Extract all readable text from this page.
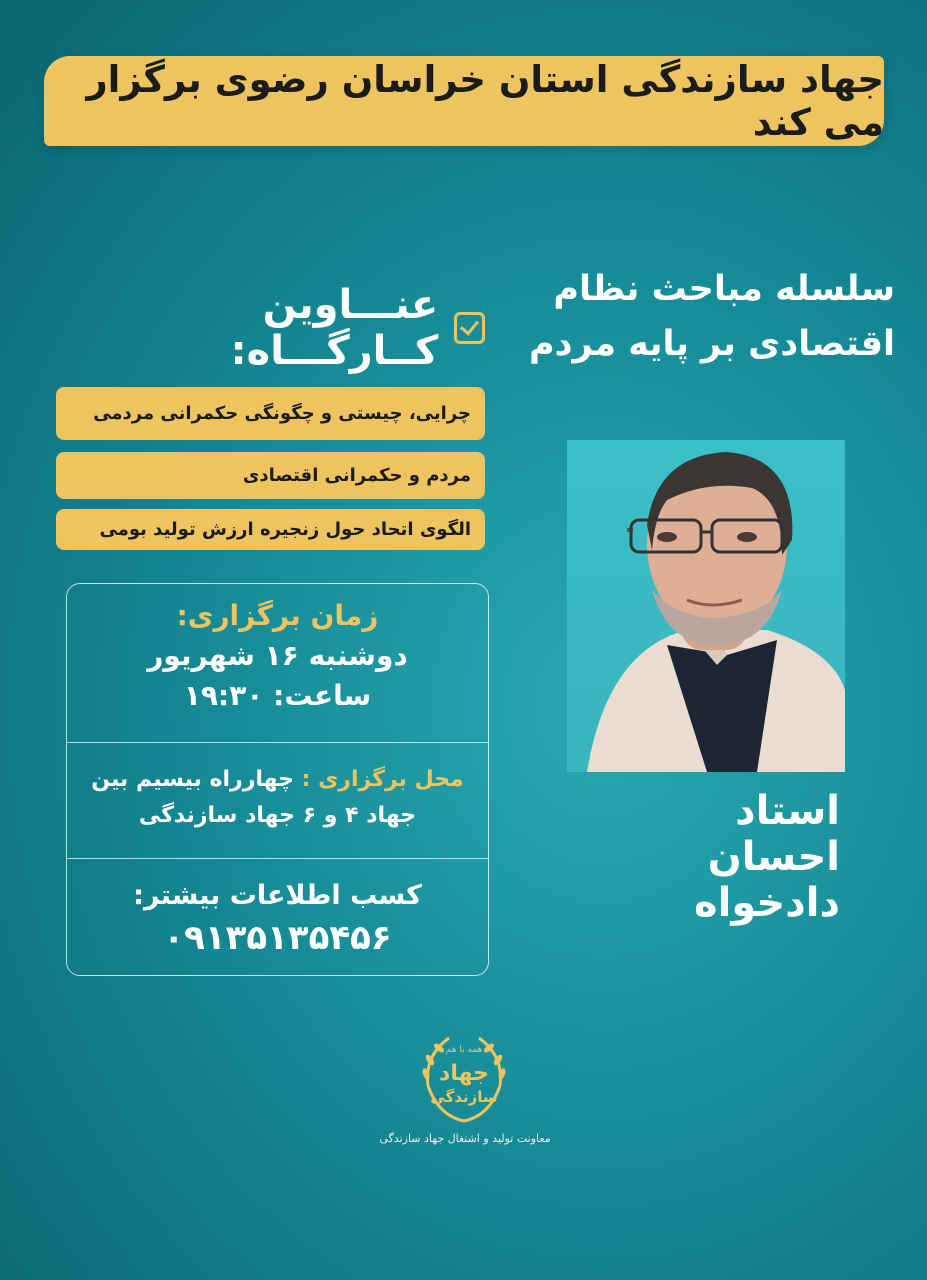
جهاد سازندگی استان خراسان رضوی برگزار می کند
سلسله مباحث نظام
اقتصادی بر پایه مردم
عنـــاوین کــارگـــاه:
چرایی، چیستی و چگونگی حکمرانی مردمی
مردم و حکمرانی اقتصادی
الگوی اتحاد حول زنجیره ارزش تولید بومی
زمان برگزاری:
دوشنبه ۱۶ شهریور
ساعت: ۱۹:۳۰
محل برگزاری : چهارراه بیسیم بین
جهاد ۴ و ۶ جهاد سازندگی
کسب اطلاعات بیشتر:
۰۹۱۳۵۱۳۵۴۵۶
استاد
احسان دادخواه
همه با هم
جهاد
سازندگی
معاونت تولید و اشتغال جهاد سازندگی
